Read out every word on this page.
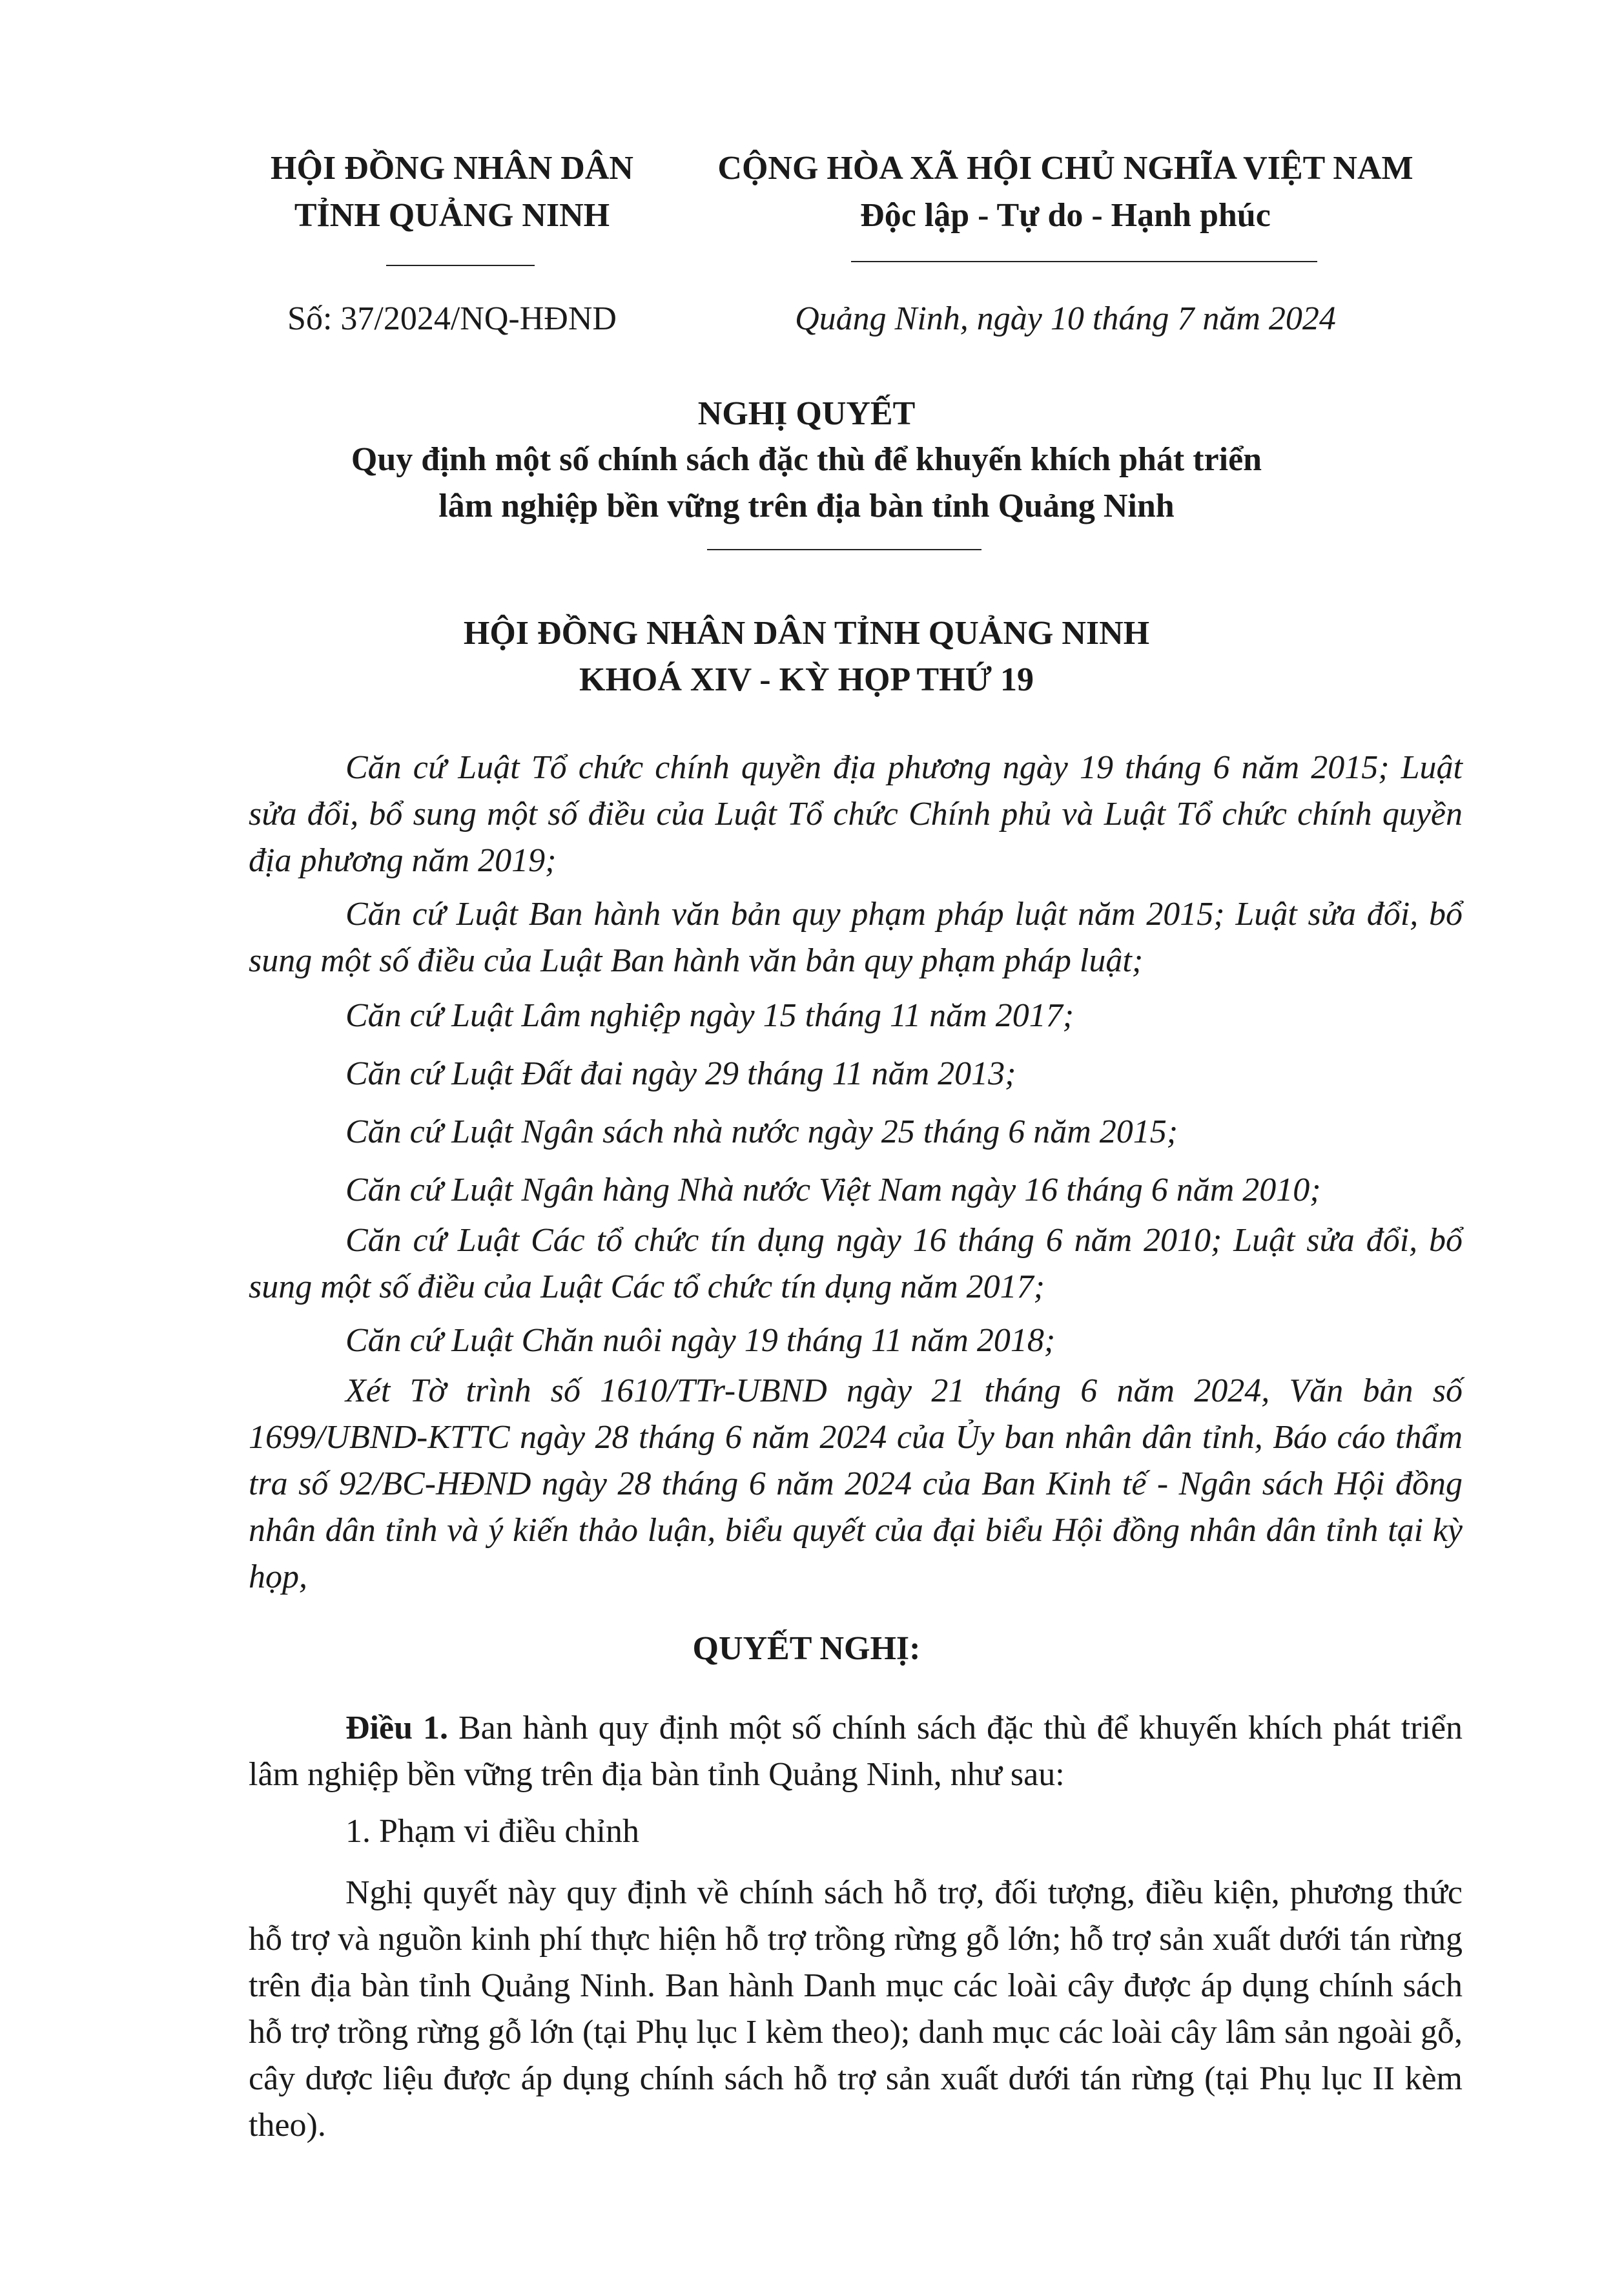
HỘI ĐỒNG NHÂN DÂN
TỈNH QUẢNG NINH
Số: 37/2024/NQ-HĐND
CỘNG HÒA XÃ HỘI CHỦ NGHĨA VIỆT NAM
Độc lập - Tự do - Hạnh phúc
Quảng Ninh, ngày 10 tháng 7 năm 2024
NGHỊ QUYẾT
Quy định một số chính sách đặc thù để khuyến khích phát triển
lâm nghiệp bền vững trên địa bàn tỉnh Quảng Ninh
HỘI ĐỒNG NHÂN DÂN TỈNH QUẢNG NINH
KHOÁ XIV - KỲ HỌP THỨ 19
Căn cứ Luật Tổ chức chính quyền địa phương ngày 19 tháng 6 năm 2015; Luật sửa đổi, bổ sung một số điều của Luật Tổ chức Chính phủ và Luật Tổ chức chính quyền địa phương năm 2019;
Căn cứ Luật Ban hành văn bản quy phạm pháp luật năm 2015; Luật sửa đổi, bổ sung một số điều của Luật Ban hành văn bản quy phạm pháp luật;
Căn cứ Luật Lâm nghiệp ngày 15 tháng 11 năm 2017;
Căn cứ Luật Đất đai ngày 29 tháng 11 năm 2013;
Căn cứ Luật Ngân sách nhà nước ngày 25 tháng 6 năm 2015;
Căn cứ Luật Ngân hàng Nhà nước Việt Nam ngày 16 tháng 6 năm 2010;
Căn cứ Luật Các tổ chức tín dụng ngày 16 tháng 6 năm 2010; Luật sửa đổi, bổ sung một số điều của Luật Các tổ chức tín dụng năm 2017;
Căn cứ Luật Chăn nuôi ngày 19 tháng 11 năm 2018;
Xét Tờ trình số 1610/TTr-UBND ngày 21 tháng 6 năm 2024, Văn bản số 1699/UBND-KTTC ngày 28 tháng 6 năm 2024 của Ủy ban nhân dân tỉnh, Báo cáo thẩm tra số 92/BC-HĐND ngày 28 tháng 6 năm 2024 của Ban Kinh tế - Ngân sách Hội đồng nhân dân tỉnh và ý kiến thảo luận, biểu quyết của đại biểu Hội đồng nhân dân tỉnh tại kỳ họp,
QUYẾT NGHỊ:
Điều 1. Ban hành quy định một số chính sách đặc thù để khuyến khích phát triển lâm nghiệp bền vững trên địa bàn tỉnh Quảng Ninh, như sau:
1. Phạm vi điều chỉnh
Nghị quyết này quy định về chính sách hỗ trợ, đối tượng, điều kiện, phương thức hỗ trợ và nguồn kinh phí thực hiện hỗ trợ trồng rừng gỗ lớn; hỗ trợ sản xuất dưới tán rừng trên địa bàn tỉnh Quảng Ninh. Ban hành Danh mục các loài cây được áp dụng chính sách hỗ trợ trồng rừng gỗ lớn (tại Phụ lục I kèm theo); danh mục các loài cây lâm sản ngoài gỗ, cây dược liệu được áp dụng chính sách hỗ trợ sản xuất dưới tán rừng (tại Phụ lục II kèm theo).
